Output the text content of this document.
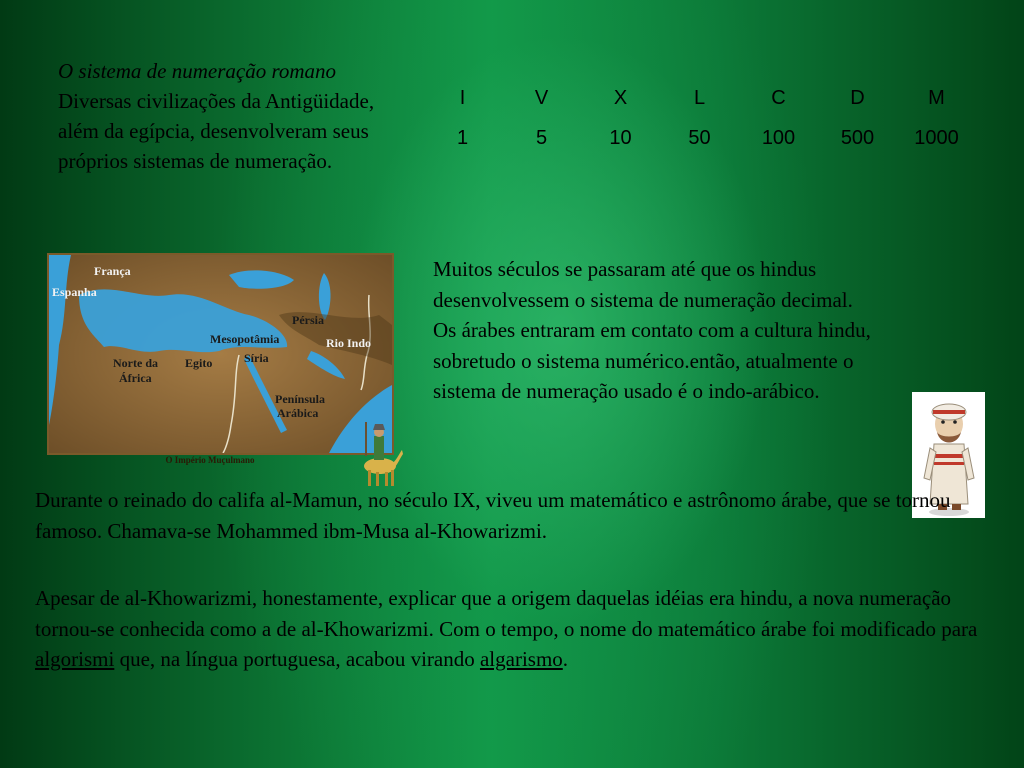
O sistema de numeração romano
Diversas civilizações da Antigüidade, além da egípcia, desenvolveram seus próprios sistemas de numeração.
I	V	X	L	C	D	M
1	5	10	50	100	500	1000
França
Espanha
Pérsia
Mesopotâmia	Rio Indo
Síria
Norte da
África
Egito
Península
Arábica
O Império Muçulmano

Muitos séculos se passaram até que os hindus desenvolvessem o sistema de numeração decimal.

Os árabes entraram em contato com a cultura hindu, sobretudo o sistema numérico.então, atualmente o sistema de numeração usado é o indo-arábico.

Durante o reinado do califa al-Mamun, no século IX, viveu um matemático e astrônomo árabe, que se tornou famoso. Chamava-se Mohammed ibm-Musa al-Khowarizmi.
Apesar de al-Khowarizmi, honestamente, explicar que a origem daquelas idéias era hindu, a nova numeração tornou-se conhecida como a de al-Khowarizmi. Com o tempo, o nome do matemático árabe foi modificado para algorismi que, na língua portuguesa, acabou virando algarismo.
